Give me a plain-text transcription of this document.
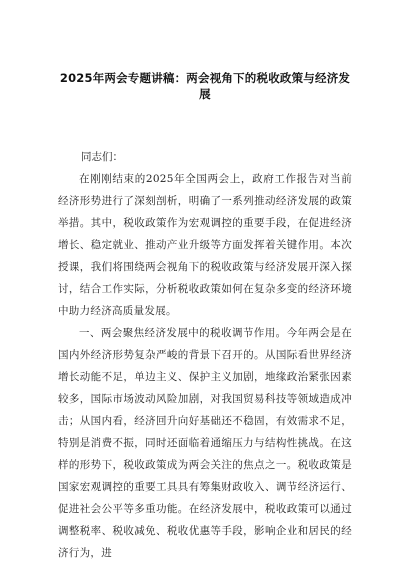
2025年两会专题讲稿：两会视角下的税收政策与经济发展

同志们：

在刚刚结束的2025年全国两会上，政府工作报告对当前经济形势进行了深刻剖析，明确了一系列推动经济发展的政策举措。其中，税收政策作为宏观调控的重要手段，在促进经济增长、稳定就业、推动产业升级等方面发挥着关键作用。本次授课，我们将围绕两会视角下的税收政策与经济发展开深入探讨，结合工作实际，分析税收政策如何在复杂多变的经济环境中助力经济高质量发展。

一、两会聚焦经济发展中的税收调节作用。今年两会是在国内外经济形势复杂严峻的背景下召开的。从国际看世界经济增长动能不足，单边主义、保护主义加剧，地缘政治紧张因素较多，国际市场波动风险加剧，对我国贸易科技等领域造成冲击；从国内看，经济回升向好基础还不稳固，有效需求不足，特别是消费不振，同时还面临着通缩压力与结构性挑战。在这样的形势下，税收政策成为两会关注的焦点之一。税收政策是国家宏观调控的重要工具具有筹集财政收入、调节经济运行、促进社会公平等多重功能。在经济发展中，税收政策可以通过调整税率、税收减免、税收优惠等手段，影响企业和居民的经济行为，进
